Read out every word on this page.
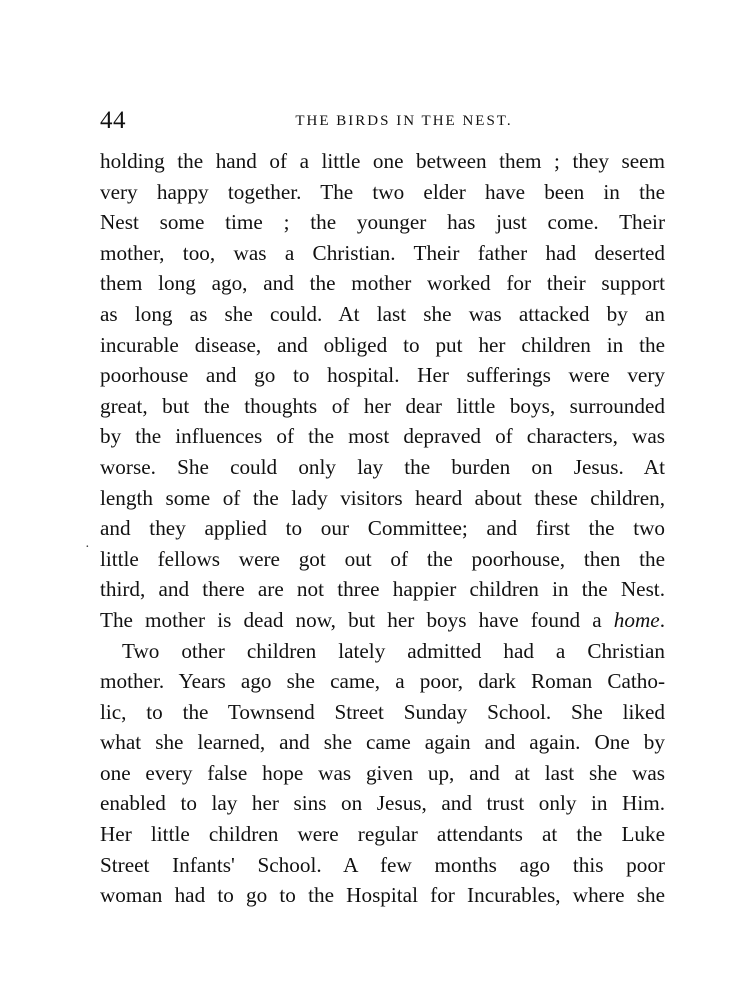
44	THE BIRDS IN THE NEST.
·
holding the hand of a little one between them ; they seem
very happy together. The two elder have been in the
Nest some time ; the younger has just come. Their
mother, too, was a Christian. Their father had deserted
them long ago, and the mother worked for their support
as long as she could. At last she was attacked by an
incurable disease, and obliged to put her children in the
poorhouse and go to hospital. Her sufferings were very
great, but the thoughts of her dear little boys, surrounded
by the influences of the most depraved of characters, was
worse. She could only lay the burden on Jesus. At
length some of the lady visitors heard about these children,
and they applied to our Committee; and first the two
little fellows were got out of the poorhouse, then the
third, and there are not three happier children in the Nest.
The mother is dead now, but her boys have found a home.
Two other children lately admitted had a Christian
mother. Years ago she came, a poor, dark Roman Catho-
lic, to the Townsend Street Sunday School. She liked
what she learned, and she came again and again. One by
one every false hope was given up, and at last she was
enabled to lay her sins on Jesus, and trust only in Him.
Her little children were regular attendants at the Luke
Street Infants' School. A few months ago this poor
woman had to go to the Hospital for Incurables, where she
